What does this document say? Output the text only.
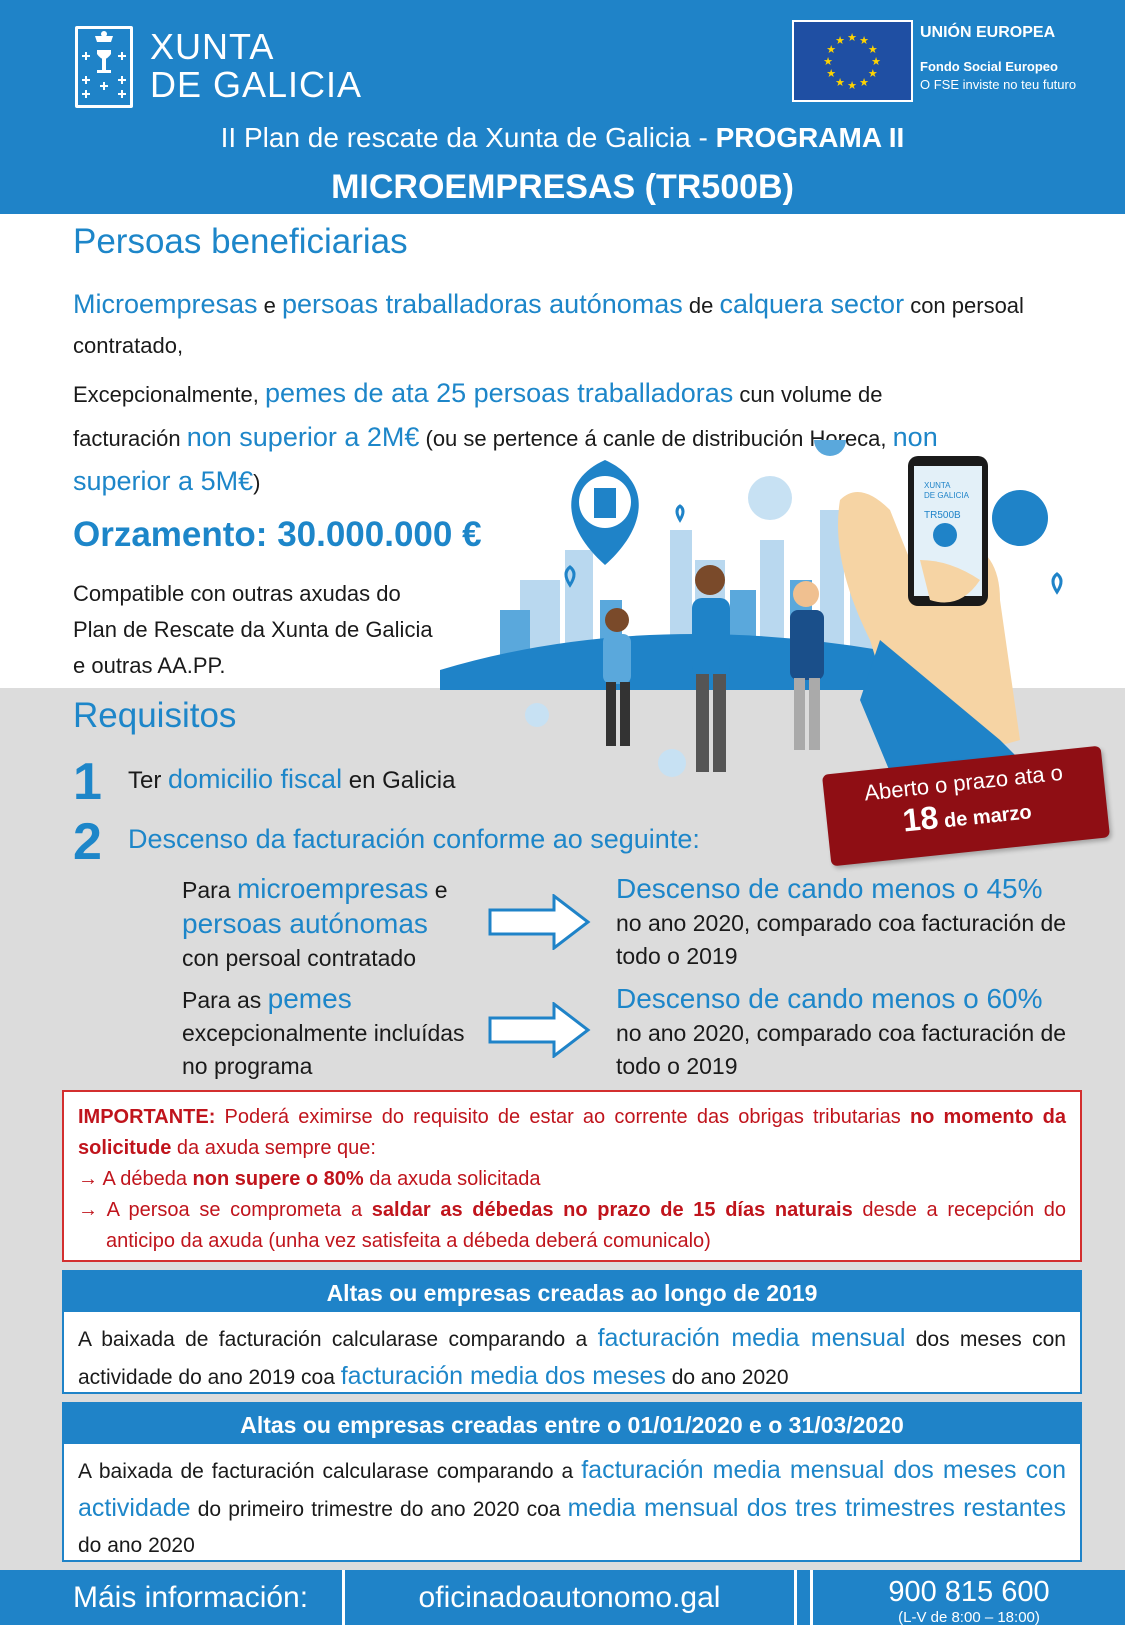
XUNTA
DE GALICIA
★ ★
★
★
★
★
★
★
★
★
★
★
UNIÓN EUROPEA
Fondo Social Europeo
O FSE inviste no teu futuro
II Plan de rescate da Xunta de Galicia - PROGRAMA II
MICROEMPRESAS (TR500B)
Persoas beneficiarias
Microempresas e persoas traballadoras autónomas de calquera sector con persoal contratado,
Excepcionalmente, pemes de ata 25 persoas traballadoras cun volume de facturación non superior a 2M€ (ou se pertence á canle de distribución Horeca, non superior a 5M€)
Orzamento: 30.000.000 €
Compatible con outras axudas do Plan de Rescate da Xunta de Galicia e outras AA.PP.
XUNTA
DE GALICIA
TR500B
Requisitos
1 Ter domicilio fiscal en Galicia
2 Descenso da facturación conforme ao seguinte:
Aberto o prazo ata o
18 de marzo
Para microempresas e
persoas autónomas
con persoal contratado
Descenso de cando menos o 45%
no ano 2020, comparado coa facturación de todo o 2019
Para as pemes
excepcionalmente incluídas no programa
Descenso de cando menos o 60%
no ano 2020, comparado coa facturación de todo o 2019
IMPORTANTE: Poderá eximirse do requisito de estar ao corrente das obrigas tributarias no momento da solicitude da axuda sempre que:
→ A débeda non supere o 80% da axuda solicitada
→ A persoa se comprometa a saldar as débedas no prazo de 15 días naturais desde a recepción do anticipo da axuda (unha vez satisfeita a débeda deberá comunicalo)
Altas ou empresas creadas ao longo de 2019
A baixada de facturación calcularase comparando a facturación media mensual dos meses con actividade do ano 2019 coa facturación media dos meses do ano 2020
Altas ou empresas creadas entre o 01/01/2020 e o 31/03/2020
A baixada de facturación calcularase comparando a facturación media mensual dos meses con actividade do primeiro trimestre do ano 2020 coa media mensual dos tres trimestres restantes do ano 2020
Máis información:	oficinadoautonomo.gal	900 815 600
(L-V de 8:00 – 18:00)
